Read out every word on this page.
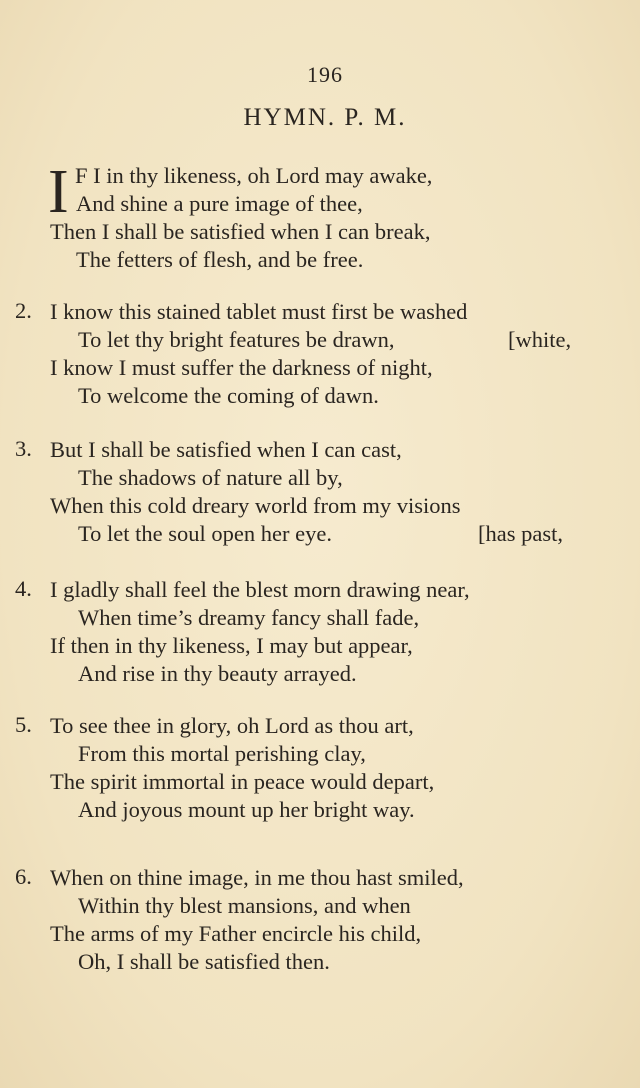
196
HYMN. P. M.
I F I in thy likeness, oh Lord may awake,
And shine a pure image of thee,
Then I shall be satisfied when I can break,
The fetters of flesh, and be free.
2. I know this stained tablet must first be washed
To let thy bright features be drawn,	[white,
I know I must suffer the darkness of night,
To welcome the coming of dawn.
3. But I shall be satisfied when I can cast,
The shadows of nature all by,
When this cold dreary world from my visions
To let the soul open her eye.	[has past,
4. I gladly shall feel the blest morn drawing near,
When time’s dreamy fancy shall fade,
If then in thy likeness, I may but appear,
And rise in thy beauty arrayed.
5. To see thee in glory, oh Lord as thou art,
From this mortal perishing clay,
The spirit immortal in peace would depart,
And joyous mount up her bright way.
6. When on thine image, in me thou hast smiled,
Within thy blest mansions, and when
The arms of my Father encircle his child,
Oh, I shall be satisfied then.
